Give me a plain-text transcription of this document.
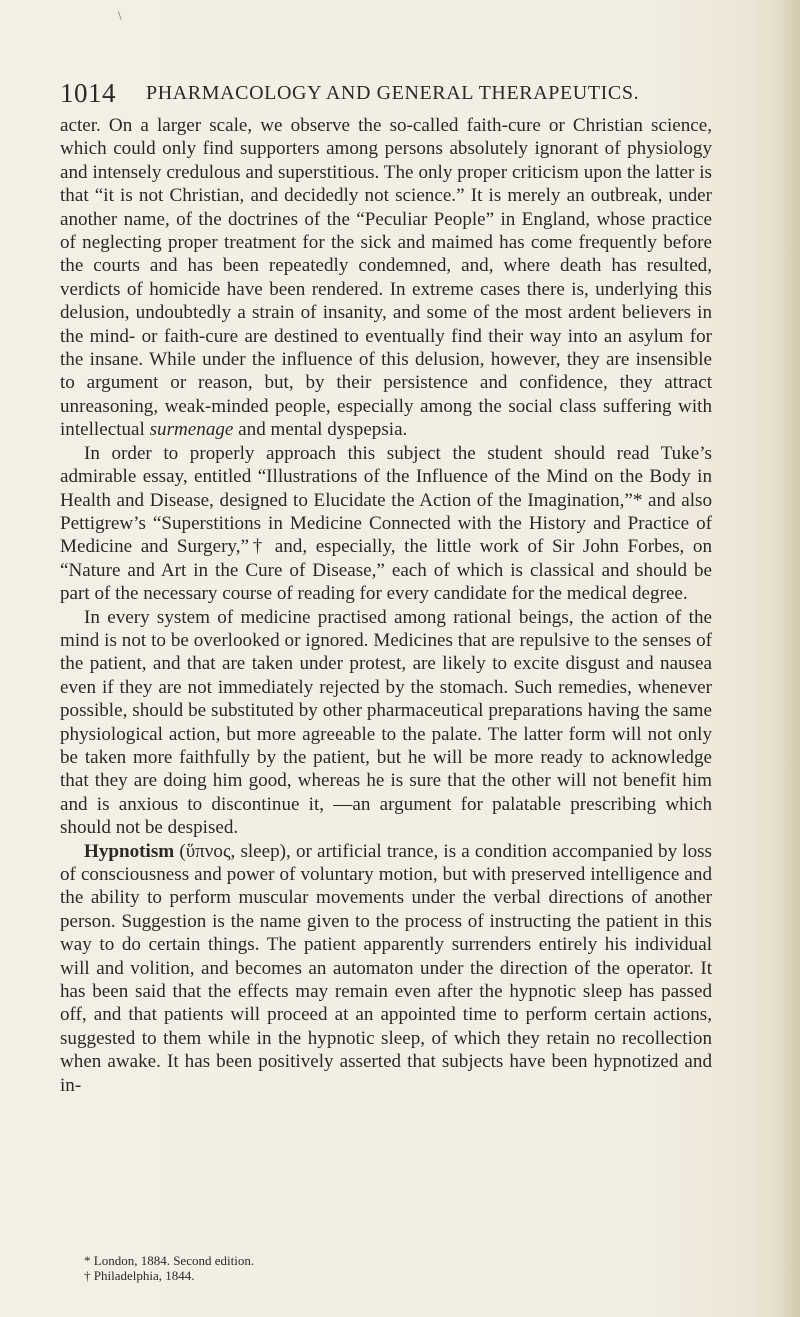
\
1014 PHARMACOLOGY AND GENERAL THERAPEUTICS.

acter. On a larger scale, we observe the so-called faith-cure or Christian science, which could only find supporters among persons absolutely ignorant of physiology and intensely credulous and superstitious. The only proper criticism upon the latter is that “it is not Christian, and decidedly not science.” It is merely an outbreak, under another name, of the doctrines of the “Peculiar People” in England, whose practice of neglecting proper treatment for the sick and maimed has come frequently before the courts and has been repeatedly condemned, and, where death has resulted, verdicts of homicide have been rendered. In extreme cases there is, underlying this delusion, undoubtedly a strain of insanity, and some of the most ardent believers in the mind- or faith-cure are destined to eventually find their way into an asylum for the insane. While under the influence of this delusion, however, they are insensible to argument or reason, but, by their persistence and confidence, they attract unreasoning, weak-minded people, especially among the social class suffering with intellectual surmenage and mental dyspepsia.

In order to properly approach this subject the student should read Tuke’s admirable essay, entitled “Illustrations of the Influence of the Mind on the Body in Health and Disease, designed to Elucidate the Action of the Imagination,”* and also Pettigrew’s “Superstitions in Medicine Connected with the History and Practice of Medicine and Surgery,”† and, especially, the little work of Sir John Forbes, on “Nature and Art in the Cure of Disease,” each of which is classical and should be part of the necessary course of reading for every candidate for the medical degree.

In every system of medicine practised among rational beings, the action of the mind is not to be overlooked or ignored. Medicines that are repulsive to the senses of the patient, and that are taken under protest, are likely to excite disgust and nausea even if they are not immediately rejected by the stomach. Such remedies, whenever possible, should be substituted by other pharmaceutical preparations having the same physiological action, but more agreeable to the palate. The latter form will not only be taken more faithfully by the patient, but he will be more ready to acknowledge that they are doing him good, whereas he is sure that the other will not benefit him and is anxious to discontinue it, —an argument for palatable prescribing which should not be despised.

Hypnotism (ὕπνος, sleep), or artificial trance, is a condition accompanied by loss of consciousness and power of voluntary motion, but with preserved intelligence and the ability to perform muscular movements under the verbal directions of another person. Suggestion is the name given to the process of instructing the patient in this way to do certain things. The patient apparently surrenders entirely his individual will and volition, and becomes an automaton under the direction of the operator. It has been said that the effects may remain even after the hypnotic sleep has passed off, and that patients will proceed at an appointed time to perform certain actions, suggested to them while in the hypnotic sleep, of which they retain no recollection when awake. It has been positively asserted that subjects have been hypnotized and in-

* London, 1884. Second edition.
† Philadelphia, 1844.
